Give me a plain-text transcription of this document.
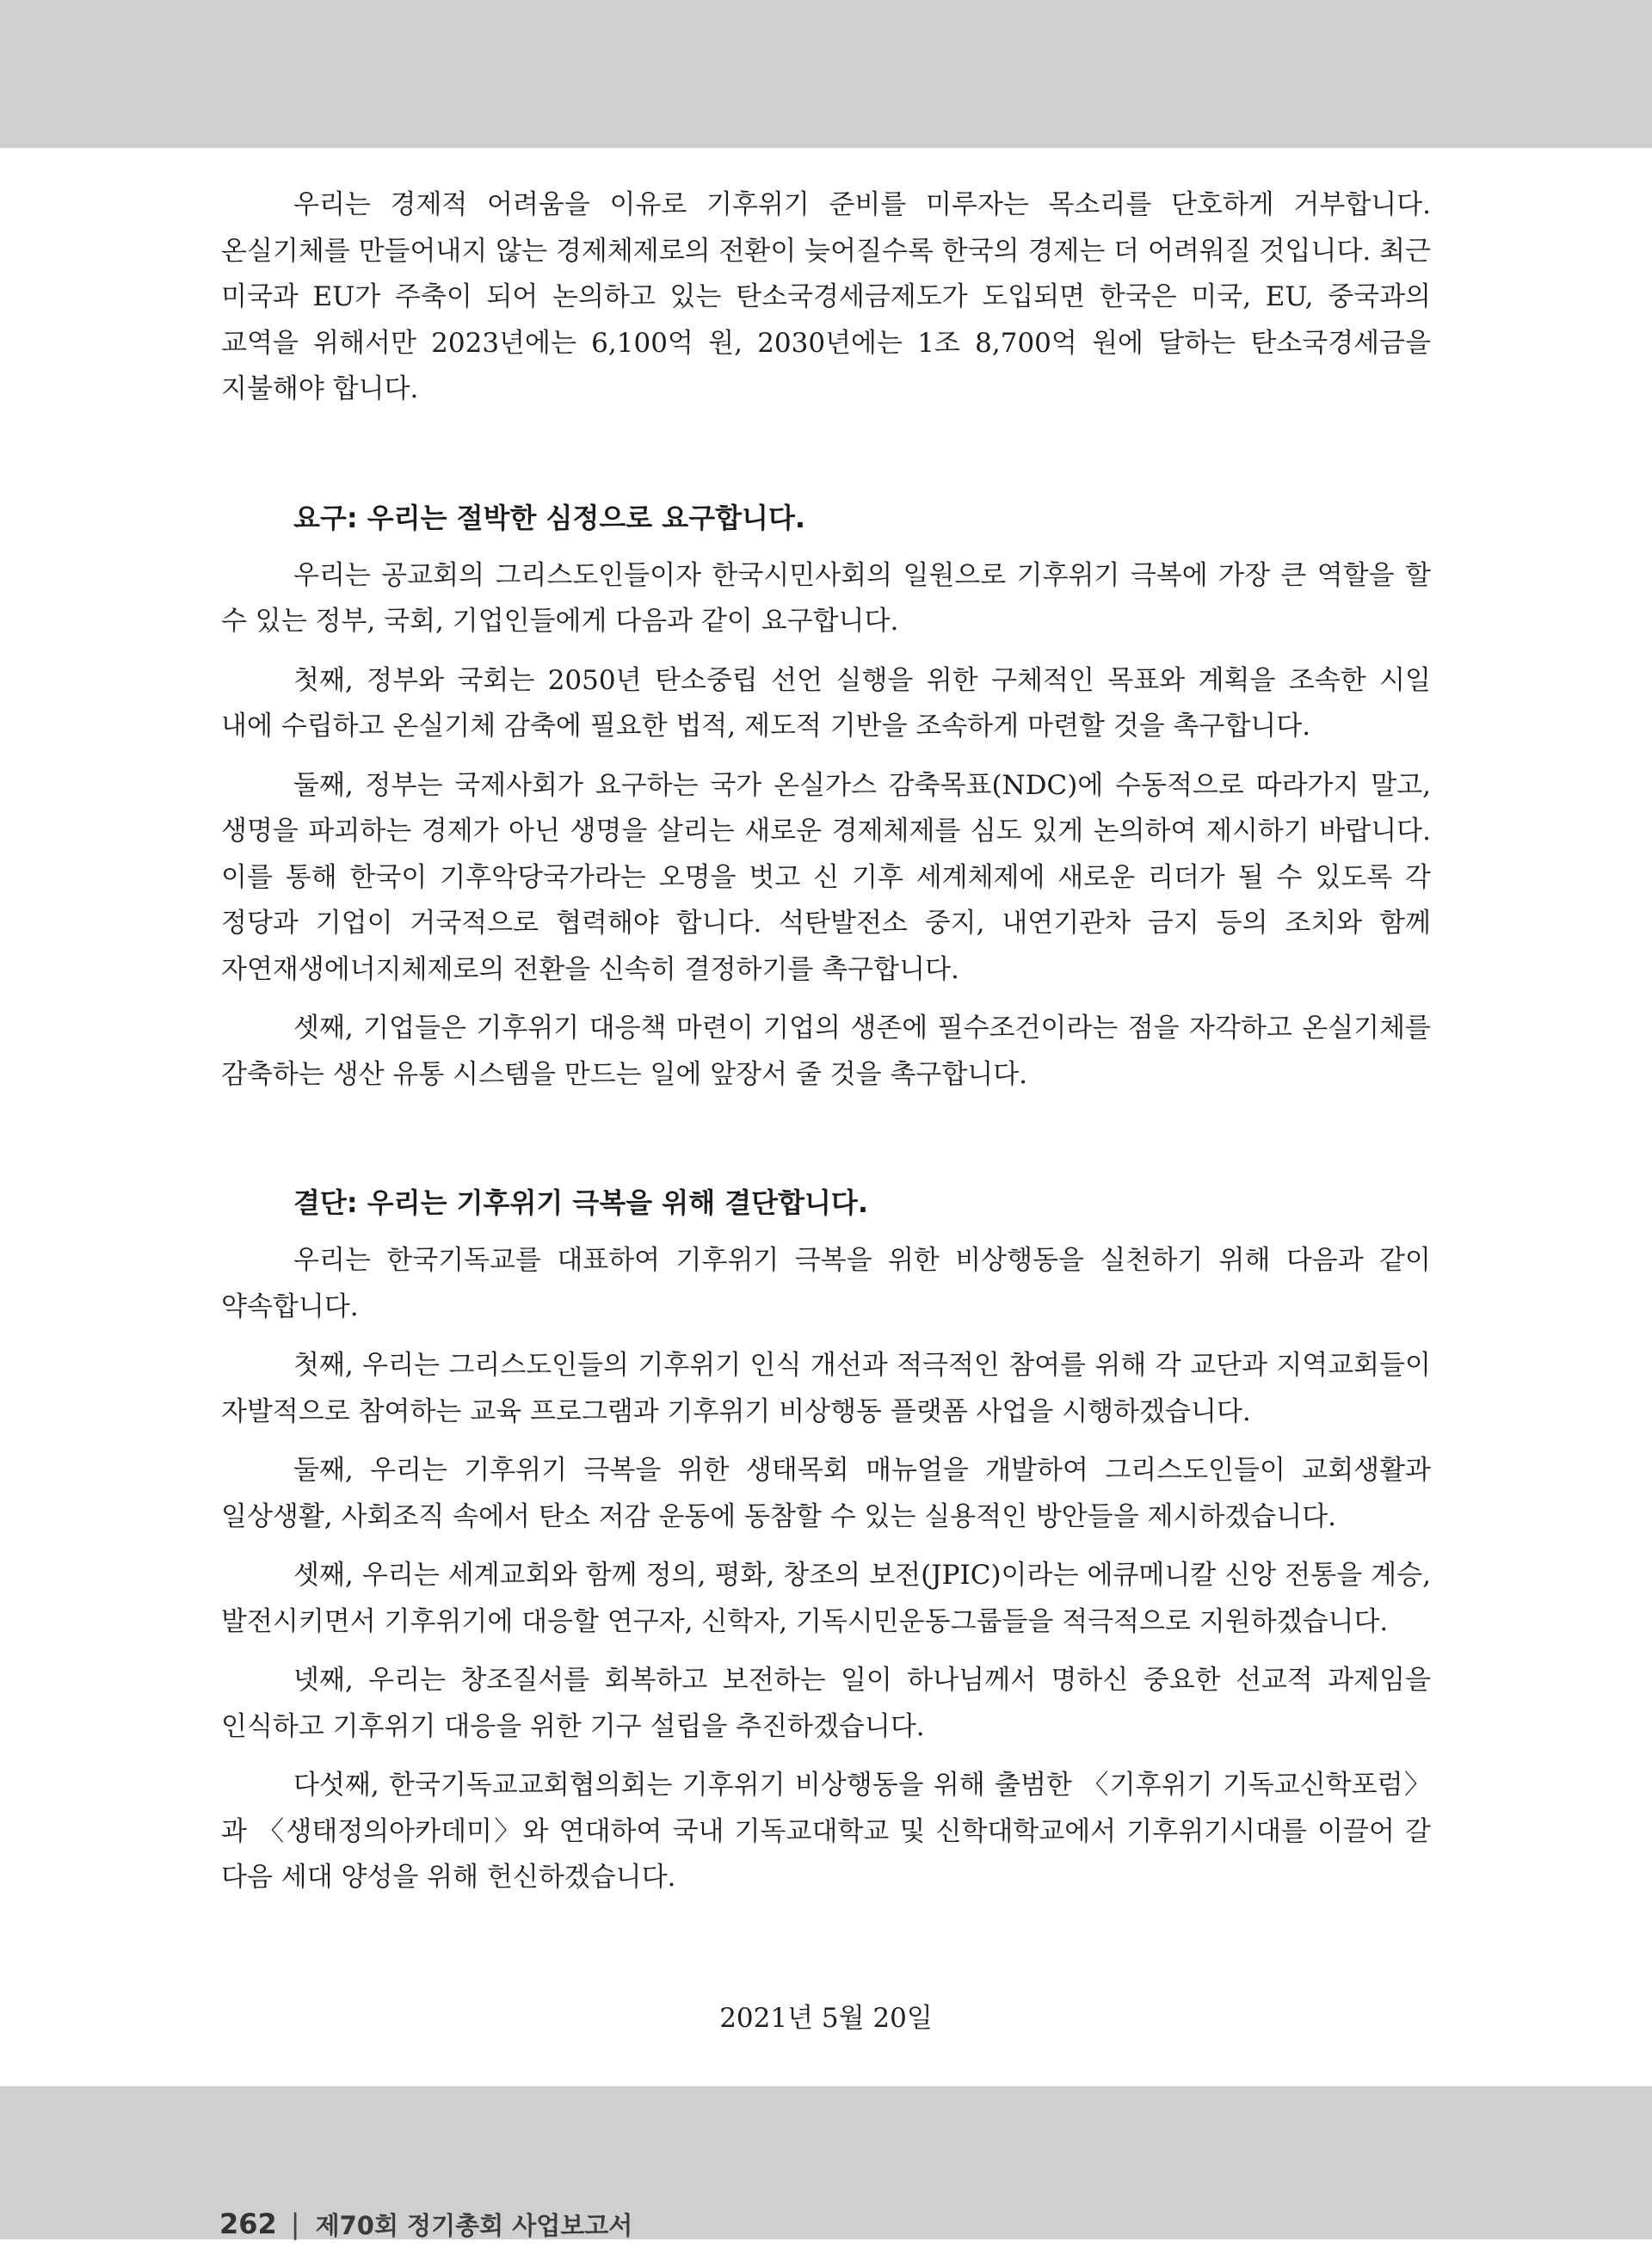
우리는 경제적 어려움을 이유로 기후위기 준비를 미루자는 목소리를 단호하게 거부합니다. 온실기체를 만들어내지 않는 경제체제로의 전환이 늦어질수록 한국의 경제는 더 어려워질 것입니다. 최근 미국과 EU가 주축이 되어 논의하고 있는 탄소국경세금제도가 도입되면 한국은 미국, EU, 중국과의 교역을 위해서만 2023년에는 6,100억 원, 2030년에는 1조 8,700억 원에 달하는 탄소국경세금을 지불해야 합니다.

요구: 우리는 절박한 심정으로 요구합니다.

우리는 공교회의 그리스도인들이자 한국시민사회의 일원으로 기후위기 극복에 가장 큰 역할을 할 수 있는 정부, 국회, 기업인들에게 다음과 같이 요구합니다.

첫째, 정부와 국회는 2050년 탄소중립 선언 실행을 위한 구체적인 목표와 계획을 조속한 시일 내에 수립하고 온실기체 감축에 필요한 법적, 제도적 기반을 조속하게 마련할 것을 촉구합니다.

둘째, 정부는 국제사회가 요구하는 국가 온실가스 감축목표(NDC)에 수동적으로 따라가지 말고, 생명을 파괴하는 경제가 아닌 생명을 살리는 새로운 경제체제를 심도 있게 논의하여 제시하기 바랍니다. 이를 통해 한국이 기후악당국가라는 오명을 벗고 신 기후 세계체제에 새로운 리더가 될 수 있도록 각 정당과 기업이 거국적으로 협력해야 합니다. 석탄발전소 중지, 내연기관차 금지 등의 조치와 함께 자연재생에너지체제로의 전환을 신속히 결정하기를 촉구합니다.

셋째, 기업들은 기후위기 대응책 마련이 기업의 생존에 필수조건이라는 점을 자각하고 온실기체를 감축하는 생산 유통 시스템을 만드는 일에 앞장서 줄 것을 촉구합니다.

결단: 우리는 기후위기 극복을 위해 결단합니다.

우리는 한국기독교를 대표하여 기후위기 극복을 위한 비상행동을 실천하기 위해 다음과 같이 약속합니다.

첫째, 우리는 그리스도인들의 기후위기 인식 개선과 적극적인 참여를 위해 각 교단과 지역교회들이 자발적으로 참여하는 교육 프로그램과 기후위기 비상행동 플랫폼 사업을 시행하겠습니다.

둘째, 우리는 기후위기 극복을 위한 생태목회 매뉴얼을 개발하여 그리스도인들이 교회생활과 일상생활, 사회조직 속에서 탄소 저감 운동에 동참할 수 있는 실용적인 방안들을 제시하겠습니다.

셋째, 우리는 세계교회와 함께 정의, 평화, 창조의 보전(JPIC)이라는 에큐메니칼 신앙 전통을 계승, 발전시키면서 기후위기에 대응할 연구자, 신학자, 기독시민운동그룹들을 적극적으로 지원하겠습니다.

넷째, 우리는 창조질서를 회복하고 보전하는 일이 하나님께서 명하신 중요한 선교적 과제임을 인식하고 기후위기 대응을 위한 기구 설립을 추진하겠습니다.

다섯째, 한국기독교교회협의회는 기후위기 비상행동을 위해 출범한 〈기후위기 기독교신학포럼〉과 〈생태정의아카데미〉와 연대하여 국내 기독교대학교 및 신학대학교에서 기후위기시대를 이끌어 갈 다음 세대 양성을 위해 헌신하겠습니다.

2021년 5월 20일

262 | 제70회 정기총회 사업보고서
